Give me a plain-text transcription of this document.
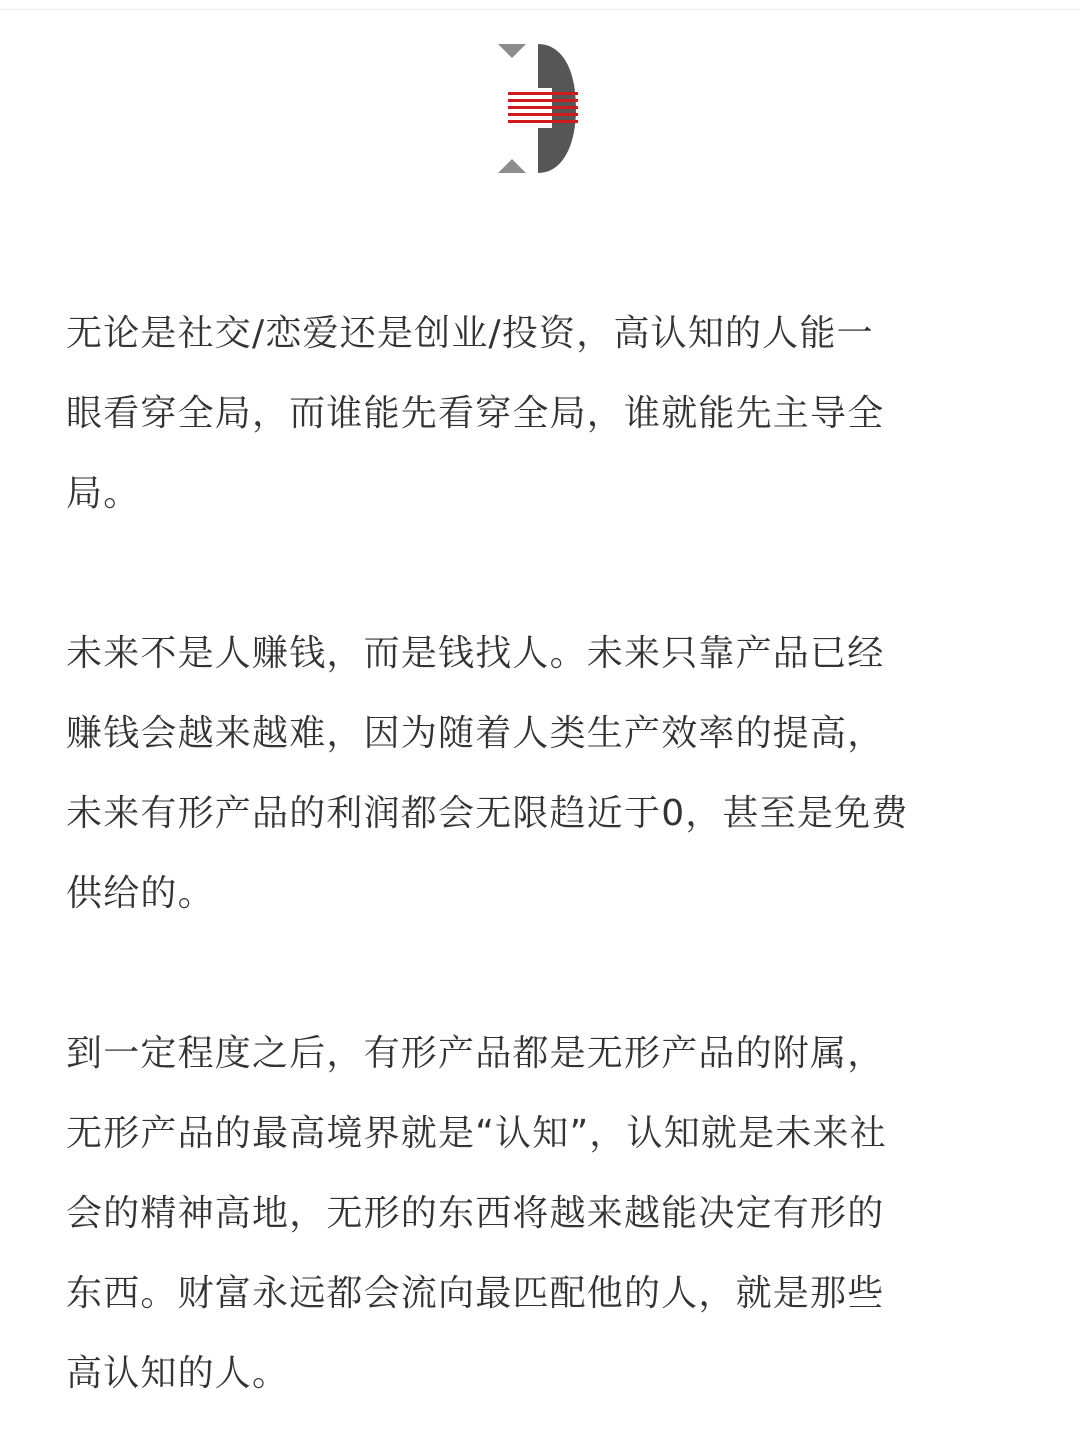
无论是社交/恋爱还是创业/投资，高认知的人能一
眼看穿全局，而谁能先看穿全局，谁就能先主导全
局。

未来不是人赚钱，而是钱找人。未来只靠产品已经
赚钱会越来越难，因为随着人类生产效率的提高，
未来有形产品的利润都会无限趋近于0，甚至是免费
供给的。

到一定程度之后，有形产品都是无形产品的附属，
无形产品的最高境界就是“认知”，认知就是未来社
会的精神高地，无形的东西将越来越能决定有形的
东西。财富永远都会流向最匹配他的人，就是那些
高认知的人。
